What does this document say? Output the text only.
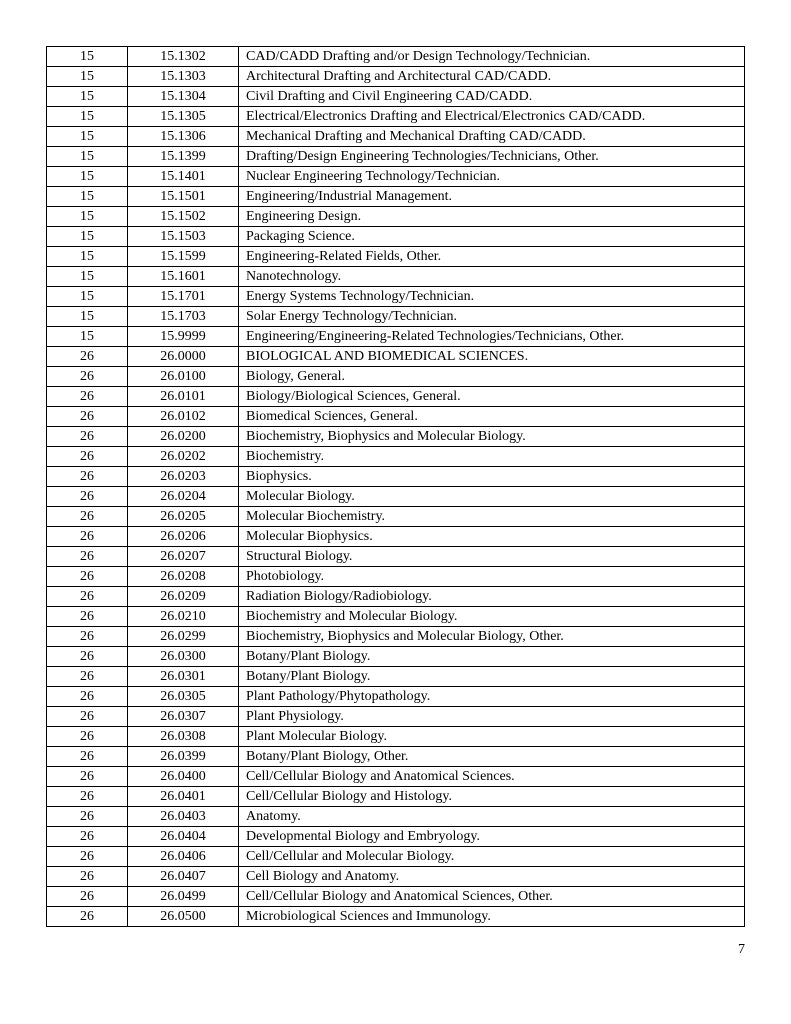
15	15.1302	CAD/CADD Drafting and/or Design Technology/Technician.
15	15.1303	Architectural Drafting and Architectural CAD/CADD.
15	15.1304	Civil Drafting and Civil Engineering CAD/CADD.
15	15.1305	Electrical/Electronics Drafting and Electrical/Electronics CAD/CADD.
15	15.1306	Mechanical Drafting and Mechanical Drafting CAD/CADD.
15	15.1399	Drafting/Design Engineering Technologies/Technicians, Other.
15	15.1401	Nuclear Engineering Technology/Technician.
15	15.1501	Engineering/Industrial Management.
15	15.1502	Engineering Design.
15	15.1503	Packaging Science.
15	15.1599	Engineering-Related Fields, Other.
15	15.1601	Nanotechnology.
15	15.1701	Energy Systems Technology/Technician.
15	15.1703	Solar Energy Technology/Technician.
15	15.9999	Engineering/Engineering-Related Technologies/Technicians, Other.
26	26.0000	BIOLOGICAL AND BIOMEDICAL SCIENCES.
26	26.0100	Biology, General.
26	26.0101	Biology/Biological Sciences, General.
26	26.0102	Biomedical Sciences, General.
26	26.0200	Biochemistry, Biophysics and Molecular Biology.
26	26.0202	Biochemistry.
26	26.0203	Biophysics.
26	26.0204	Molecular Biology.
26	26.0205	Molecular Biochemistry.
26	26.0206	Molecular Biophysics.
26	26.0207	Structural Biology.
26	26.0208	Photobiology.
26	26.0209	Radiation Biology/Radiobiology.
26	26.0210	Biochemistry and Molecular Biology.
26	26.0299	Biochemistry, Biophysics and Molecular Biology, Other.
26	26.0300	Botany/Plant Biology.
26	26.0301	Botany/Plant Biology.
26	26.0305	Plant Pathology/Phytopathology.
26	26.0307	Plant Physiology.
26	26.0308	Plant Molecular Biology.
26	26.0399	Botany/Plant Biology, Other.
26	26.0400	Cell/Cellular Biology and Anatomical Sciences.
26	26.0401	Cell/Cellular Biology and Histology.
26	26.0403	Anatomy.
26	26.0404	Developmental Biology and Embryology.
26	26.0406	Cell/Cellular and Molecular Biology.
26	26.0407	Cell Biology and Anatomy.
26	26.0499	Cell/Cellular Biology and Anatomical Sciences, Other.
26	26.0500	Microbiological Sciences and Immunology.
7
